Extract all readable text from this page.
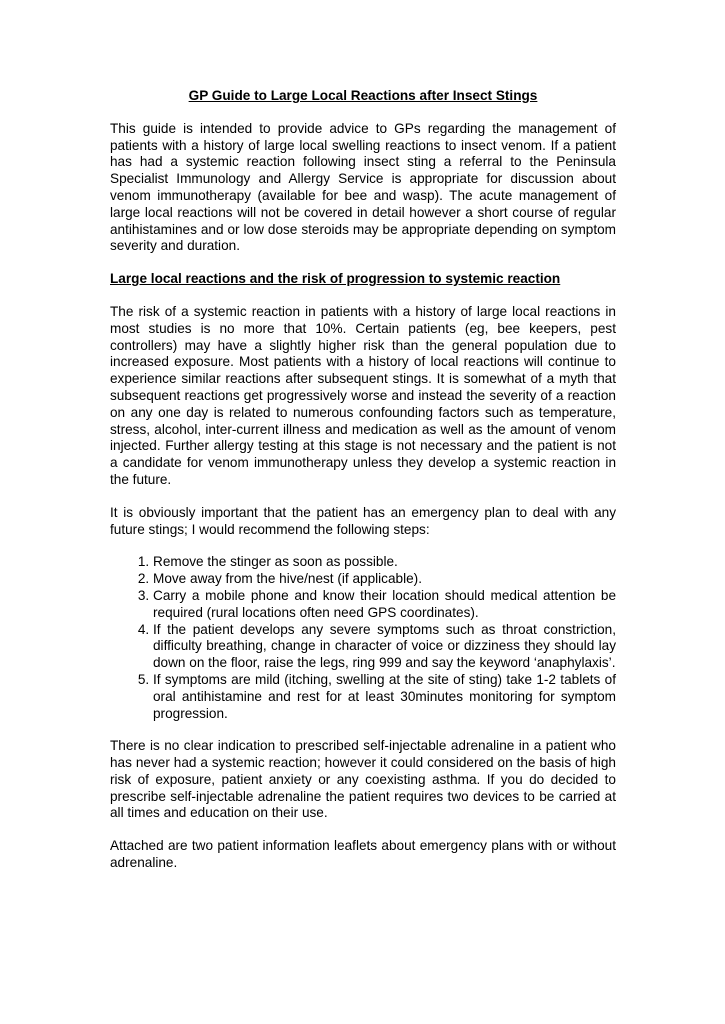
GP Guide to Large Local Reactions after Insect Stings

This guide is intended to provide advice to GPs regarding the management of patients with a history of large local swelling reactions to insect venom. If a patient has had a systemic reaction following insect sting a referral to the Peninsula Specialist Immunology and Allergy Service is appropriate for discussion about venom immunotherapy (available for bee and wasp). The acute management of large local reactions will not be covered in detail however a short course of regular antihistamines and or low dose steroids may be appropriate depending on symptom severity and duration.

Large local reactions and the risk of progression to systemic reaction

The risk of a systemic reaction in patients with a history of large local reactions in most studies is no more that 10%. Certain patients (eg, bee keepers, pest controllers) may have a slightly higher risk than the general population due to increased exposure. Most patients with a history of local reactions will continue to experience similar reactions after subsequent stings. It is somewhat of a myth that subsequent reactions get progressively worse and instead the severity of a reaction on any one day is related to numerous confounding factors such as temperature, stress, alcohol, inter-current illness and medication as well as the amount of venom injected. Further allergy testing at this stage is not necessary and the patient is not a candidate for venom immunotherapy unless they develop a systemic reaction in the future.

It is obviously important that the patient has an emergency plan to deal with any future stings; I would recommend the following steps:

1. Remove the stinger as soon as possible.
2. Move away from the hive/nest (if applicable).
3. Carry a mobile phone and know their location should medical attention be required (rural locations often need GPS coordinates).
4. If the patient develops any severe symptoms such as throat constriction, difficulty breathing, change in character of voice or dizziness they should lay down on the floor, raise the legs, ring 999 and say the keyword ‘anaphylaxis’.
5. If symptoms are mild (itching, swelling at the site of sting) take 1-2 tablets of oral antihistamine and rest for at least 30minutes monitoring for symptom progression.

There is no clear indication to prescribed self-injectable adrenaline in a patient who has never had a systemic reaction; however it could considered on the basis of high risk of exposure, patient anxiety or any coexisting asthma. If you do decided to prescribe self-injectable adrenaline the patient requires two devices to be carried at all times and education on their use.

Attached are two patient information leaflets about emergency plans with or without adrenaline.
